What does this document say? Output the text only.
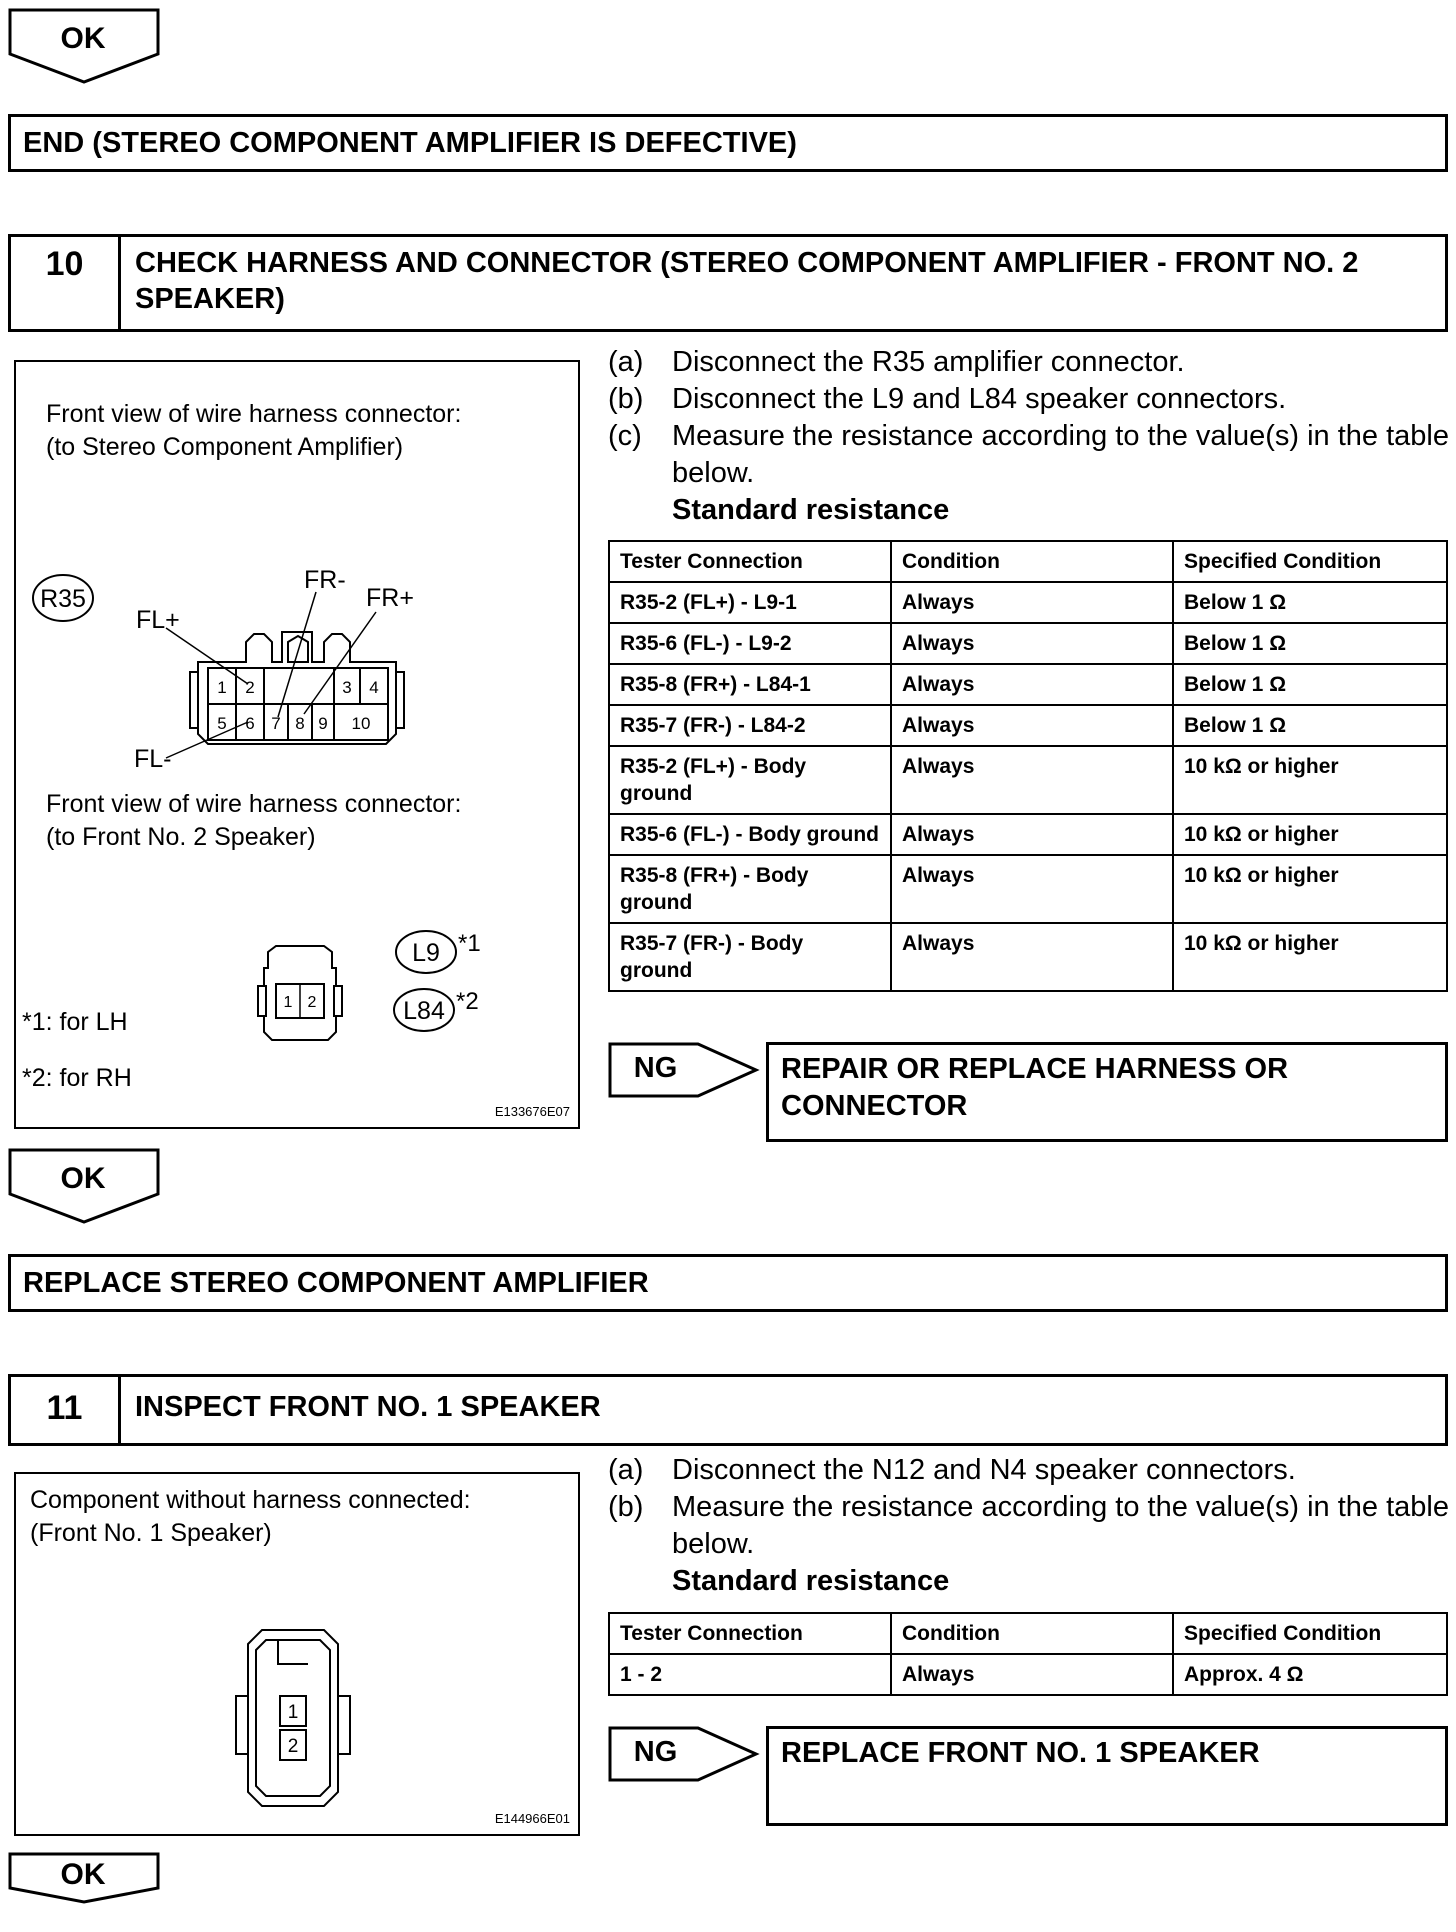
OK
END (STEREO COMPONENT AMPLIFIER IS DEFECTIVE)
10	CHECK HARNESS AND CONNECTOR (STEREO COMPONENT AMPLIFIER - FRONT NO. 2 SPEAKER)
Front view of wire harness connector:
(to Stereo Component Amplifier)
R35
FR-
FR+
FL+
FL-
1 2	3 4
5 6 7 8 9 10
L9 *1
L84 *2
1 2
Front view of wire harness connector:
(to Front No. 2 Speaker)
*1: for LH
*2: for RH
E133676E07
(a) Disconnect the R35 amplifier connector.
(b) Disconnect the L9 and L84 speaker connectors.
(c) Measure the resistance according to the value(s) in the table below.
Standard resistance
Tester Connection	Condition	Specified Condition
R35-2 (FL+) - L9-1	Always	Below 1 Ω
R35-6 (FL-) - L9-2	Always	Below 1 Ω
R35-8 (FR+) - L84-1	Always	Below 1 Ω
R35-7 (FR-) - L84-2	Always	Below 1 Ω
R35-2 (FL+) - Body ground	Always	10 kΩ or higher
R35-6 (FL-) - Body ground	Always	10 kΩ or higher
R35-8 (FR+) - Body ground	Always	10 kΩ or higher
R35-7 (FR-) - Body ground	Always	10 kΩ or higher
NG	REPAIR OR REPLACE HARNESS OR CONNECTOR
OK
REPLACE STEREO COMPONENT AMPLIFIER
11	INSPECT FRONT NO. 1 SPEAKER
Component without harness connected:
(Front No. 1 Speaker)
1
2
E144966E01
(a) Disconnect the N12 and N4 speaker connectors.
(b) Measure the resistance according to the value(s) in the table below.
Standard resistance
Tester Connection	Condition	Specified Condition
1 - 2	Always	Approx. 4 Ω
NG	REPLACE FRONT NO. 1 SPEAKER
OK
